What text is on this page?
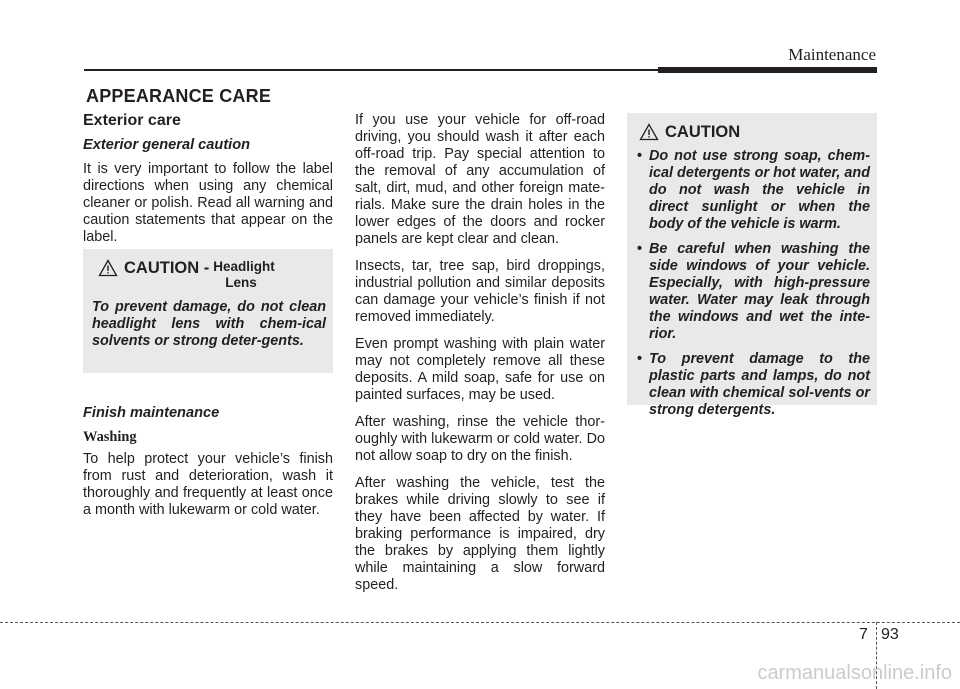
Maintenance
APPEARANCE CARE
Exterior care
Exterior general caution

It is very important to follow the label directions when using any chemical cleaner or polish. Read all warning and caution statements that appear on the label.

CAUTION - Headlight
Lens
To prevent damage, do not clean headlight lens with chem-ical solvents or strong deter-gents.
Finish maintenance
Washing

To help protect your vehicle’s finish from rust and deterioration, wash it thoroughly and frequently at least once a month with lukewarm or cold water.

If you use your vehicle for off-road driving, you should wash it after each off-road trip. Pay special attention to the removal of any accumulation of salt, dirt, mud, and other foreign mate-rials. Make sure the drain holes in the lower edges of the doors and rocker panels are kept clear and clean.

Insects, tar, tree sap, bird droppings, industrial pollution and similar deposits can damage your vehicle’s finish if not removed immediately.

Even prompt washing with plain water may not completely remove all these deposits. A mild soap, safe for use on painted surfaces, may be used.

After washing, rinse the vehicle thor-oughly with lukewarm or cold water. Do not allow soap to dry on the finish.

After washing the vehicle, test the brakes while driving slowly to see if they have been affected by water. If braking performance is impaired, dry the brakes by applying them lightly while maintaining a slow forward speed.

CAUTION
• Do not use strong soap, chem-ical detergents or hot water, and do not wash the vehicle in direct sunlight or when the body of the vehicle is warm.
• Be careful when washing the side windows of your vehicle. Especially, with high-pressure water. Water may leak through the windows and wet the inte-rior.
• To prevent damage to the plastic parts and lamps, do not clean with chemical sol-vents or strong detergents.
7 93
carmanualsonline.info
